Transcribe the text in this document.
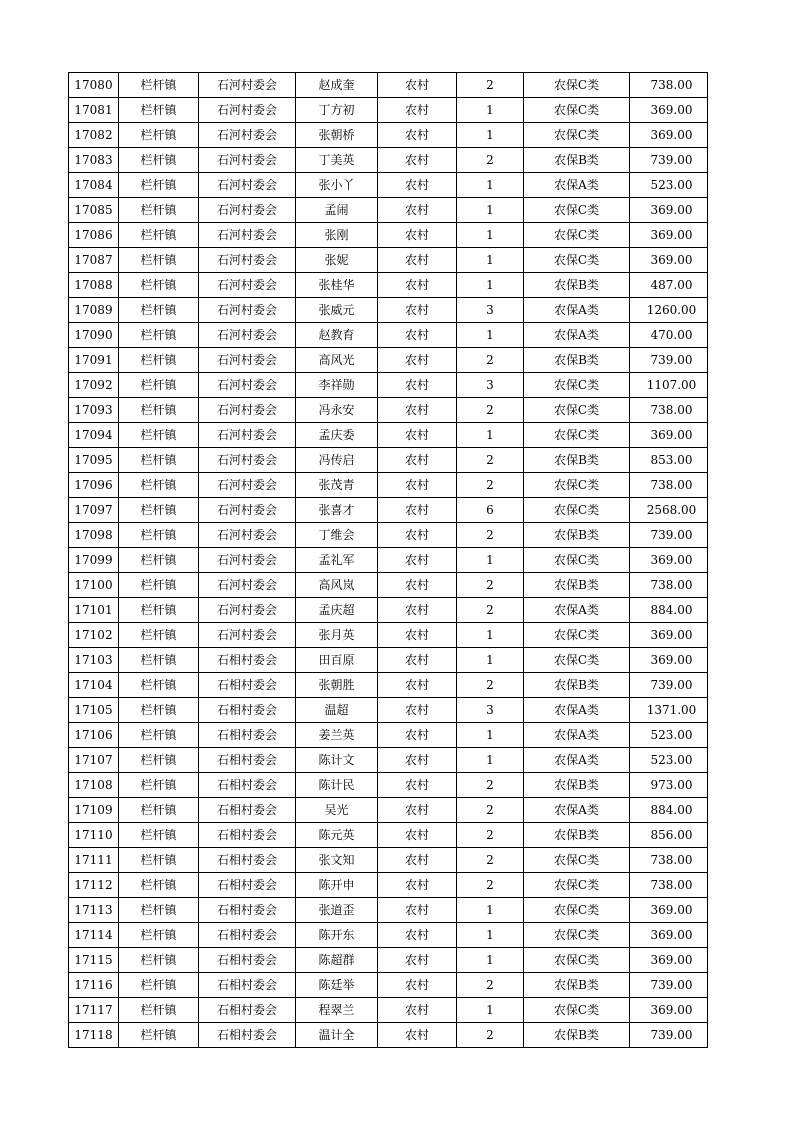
17080	栏杆镇	石河村委会	赵成奎	农村	2	农保C类	738.00
17081	栏杆镇	石河村委会	丁方初	农村	1	农保C类	369.00
17082	栏杆镇	石河村委会	张朝桥	农村	1	农保C类	369.00
17083	栏杆镇	石河村委会	丁美英	农村	2	农保B类	739.00
17084	栏杆镇	石河村委会	张小丫	农村	1	农保A类	523.00
17085	栏杆镇	石河村委会	孟闹	农村	1	农保C类	369.00
17086	栏杆镇	石河村委会	张刚	农村	1	农保C类	369.00
17087	栏杆镇	石河村委会	张妮	农村	1	农保C类	369.00
17088	栏杆镇	石河村委会	张桂华	农村	1	农保B类	487.00
17089	栏杆镇	石河村委会	张威元	农村	3	农保A类	1260.00
17090	栏杆镇	石河村委会	赵教育	农村	1	农保A类	470.00
17091	栏杆镇	石河村委会	高风光	农村	2	农保B类	739.00
17092	栏杆镇	石河村委会	李祥勋	农村	3	农保C类	1107.00
17093	栏杆镇	石河村委会	冯永安	农村	2	农保C类	738.00
17094	栏杆镇	石河村委会	孟庆委	农村	1	农保C类	369.00
17095	栏杆镇	石河村委会	冯传启	农村	2	农保B类	853.00
17096	栏杆镇	石河村委会	张茂青	农村	2	农保C类	738.00
17097	栏杆镇	石河村委会	张喜才	农村	6	农保C类	2568.00
17098	栏杆镇	石河村委会	丁维会	农村	2	农保B类	739.00
17099	栏杆镇	石河村委会	孟礼军	农村	1	农保C类	369.00
17100	栏杆镇	石河村委会	高风岚	农村	2	农保B类	738.00
17101	栏杆镇	石河村委会	孟庆超	农村	2	农保A类	884.00
17102	栏杆镇	石河村委会	张月英	农村	1	农保C类	369.00
17103	栏杆镇	石相村委会	田百原	农村	1	农保C类	369.00
17104	栏杆镇	石相村委会	张朝胜	农村	2	农保B类	739.00
17105	栏杆镇	石相村委会	温超	农村	3	农保A类	1371.00
17106	栏杆镇	石相村委会	姜兰英	农村	1	农保A类	523.00
17107	栏杆镇	石相村委会	陈计文	农村	1	农保A类	523.00
17108	栏杆镇	石相村委会	陈计民	农村	2	农保B类	973.00
17109	栏杆镇	石相村委会	吴光	农村	2	农保A类	884.00
17110	栏杆镇	石相村委会	陈元英	农村	2	农保B类	856.00
17111	栏杆镇	石相村委会	张文知	农村	2	农保C类	738.00
17112	栏杆镇	石相村委会	陈开申	农村	2	农保C类	738.00
17113	栏杆镇	石相村委会	张道歪	农村	1	农保C类	369.00
17114	栏杆镇	石相村委会	陈开东	农村	1	农保C类	369.00
17115	栏杆镇	石相村委会	陈超群	农村	1	农保C类	369.00
17116	栏杆镇	石相村委会	陈廷举	农村	2	农保B类	739.00
17117	栏杆镇	石相村委会	程翠兰	农村	1	农保C类	369.00
17118	栏杆镇	石相村委会	温计全	农村	2	农保B类	739.00
